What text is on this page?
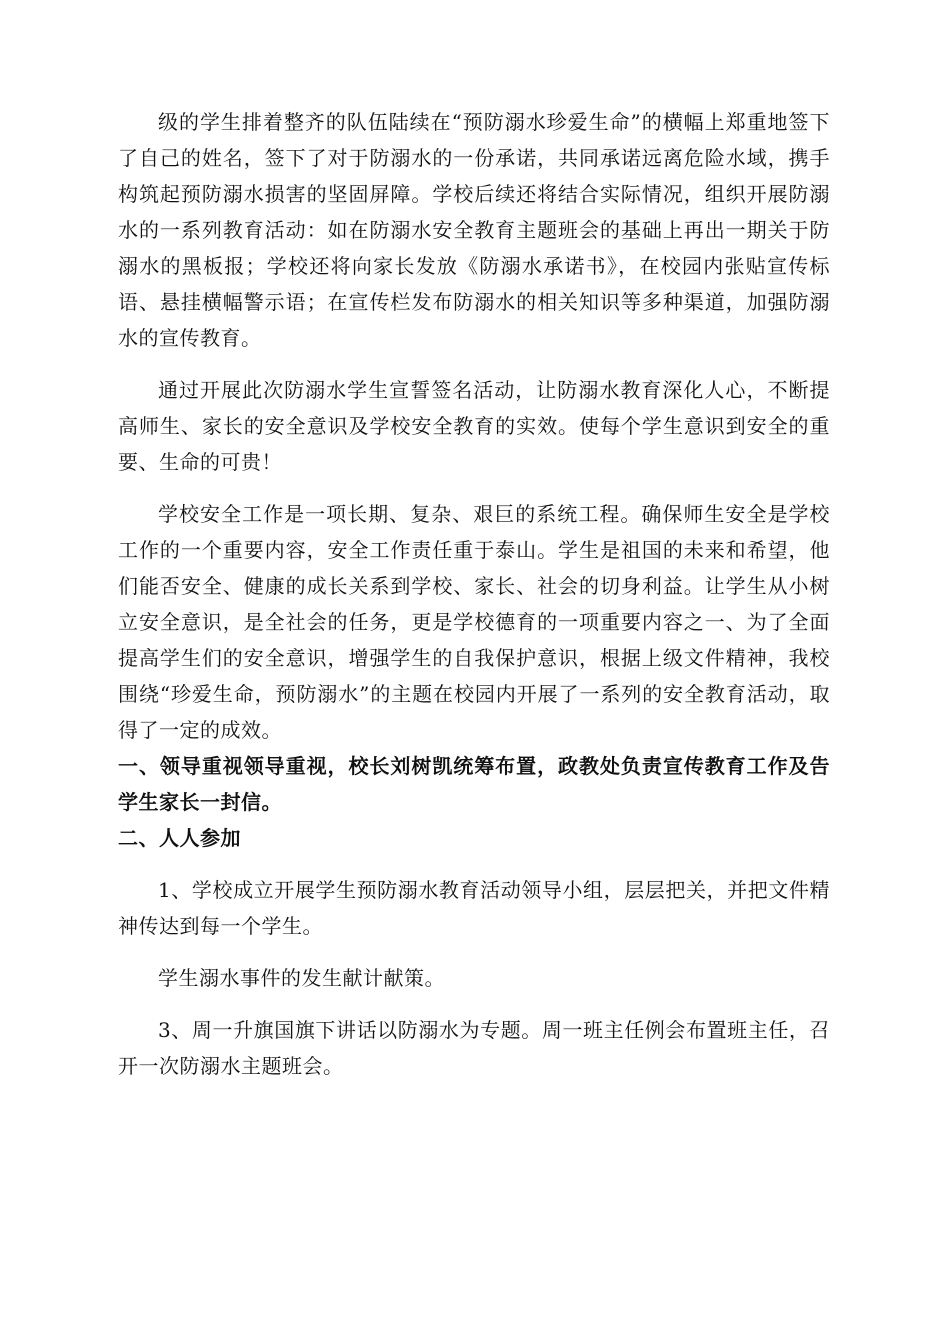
级的学生排着整齐的队伍陆续在“预防溺水珍爱生命”的横幅上郑重地签下了自己的姓名，签下了对于防溺水的一份承诺，共同承诺远离危险水域，携手构筑起预防溺水损害的坚固屏障。学校后续还将结合实际情况，组织开展防溺水的一系列教育活动：如在防溺水安全教育主题班会的基础上再出一期关于防溺水的黑板报；学校还将向家长发放《防溺水承诺书》，在校园内张贴宣传标语、悬挂横幅警示语；在宣传栏发布防溺水的相关知识等多种渠道，加强防溺水的宣传教育。

通过开展此次防溺水学生宣誓签名活动，让防溺水教育深化人心，不断提高师生、家长的安全意识及学校安全教育的实效。使每个学生意识到安全的重要、生命的可贵！

学校安全工作是一项长期、复杂、艰巨的系统工程。确保师生安全是学校工作的一个重要内容，安全工作责任重于泰山。学生是祖国的未来和希望，他们能否安全、健康的成长关系到学校、家长、社会的切身利益。让学生从小树立安全意识，是全社会的任务，更是学校德育的一项重要内容之一、为了全面提高学生们的安全意识，增强学生的自我保护意识，根据上级文件精神，我校围绕“珍爱生命，预防溺水”的主题在校园内开展了一系列的安全教育活动，取得了一定的成效。

一、领导重视领导重视，校长刘树凯统筹布置，政教处负责宣传教育工作及告学生家长一封信。

二、人人参加

1、学校成立开展学生预防溺水教育活动领导小组，层层把关，并把文件精神传达到每一个学生。

学生溺水事件的发生献计献策。

3、周一升旗国旗下讲话以防溺水为专题。周一班主任例会布置班主任，召开一次防溺水主题班会。
